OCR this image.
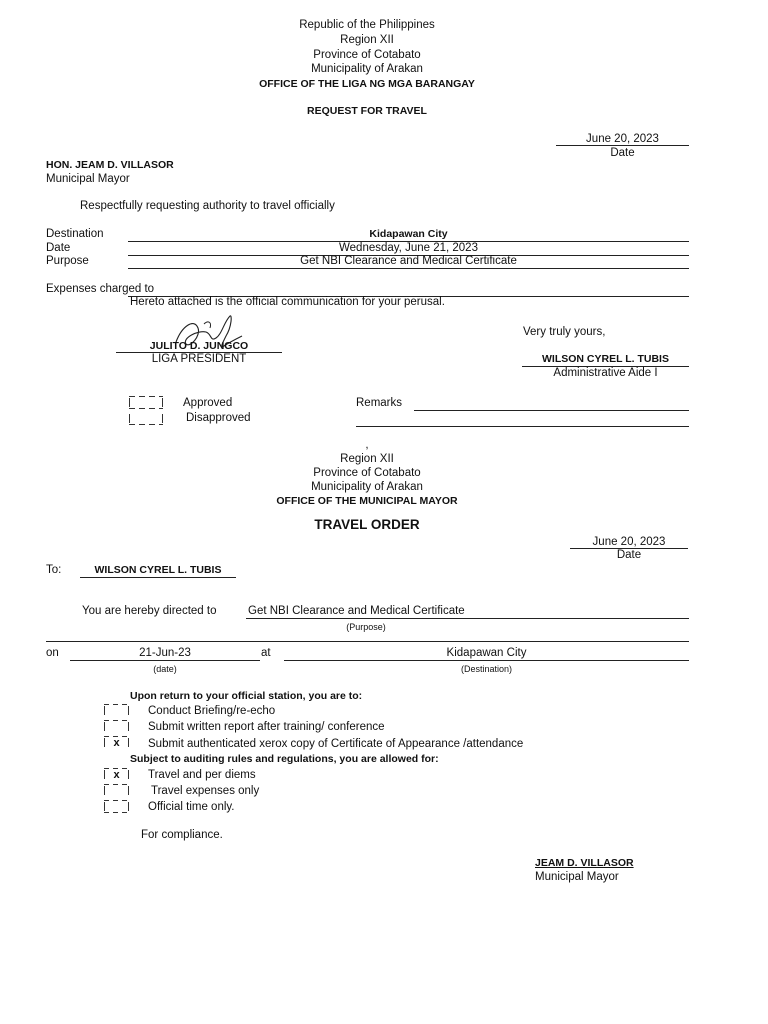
Republic of the Philippines
Region XII
Province of Cotabato
Municipality of Arakan
OFFICE OF THE LIGA NG MGA BARANGAY
REQUEST FOR TRAVEL
June 20, 2023
Date
HON. JEAM D. VILLASOR
Municipal Mayor
Respectfully requesting authority to travel officially
Destination	Kidapawan City
Date	Wednesday, June 21, 2023
Purpose	Get NBI Clearance and Medical Certificate
Expenses charged to
Hereto attached is the official communication for your perusal.
Very truly yours,
JULITO D. JUNGCO
LIGA PRESIDENT	WILSON CYREL L. TUBIS
Administrative Aide I
Approved
Disapproved
Remarks
,
Region XII
Province of Cotabato
Municipality of Arakan
OFFICE OF THE MUNICIPAL MAYOR
TRAVEL ORDER
June 20, 2023
Date
To:	WILSON CYREL L. TUBIS
You are hereby directed to	Get NBI Clearance and Medical Certificate
(Purpose)
on	21-Jun-23
(date)
at	Kidapawan City
(Destination)
Upon return to your official station, you are to:
Conduct Briefing/re-echo
Submit written report after training/ conference
x	Submit authenticated xerox copy of Certificate of Appearance /attendance
Subject to auditing rules and regulations, you are allowed for:
x	Travel and per diems
Travel expenses only
Official time only.
For compliance.
JEAM D. VILLASOR
Municipal Mayor
